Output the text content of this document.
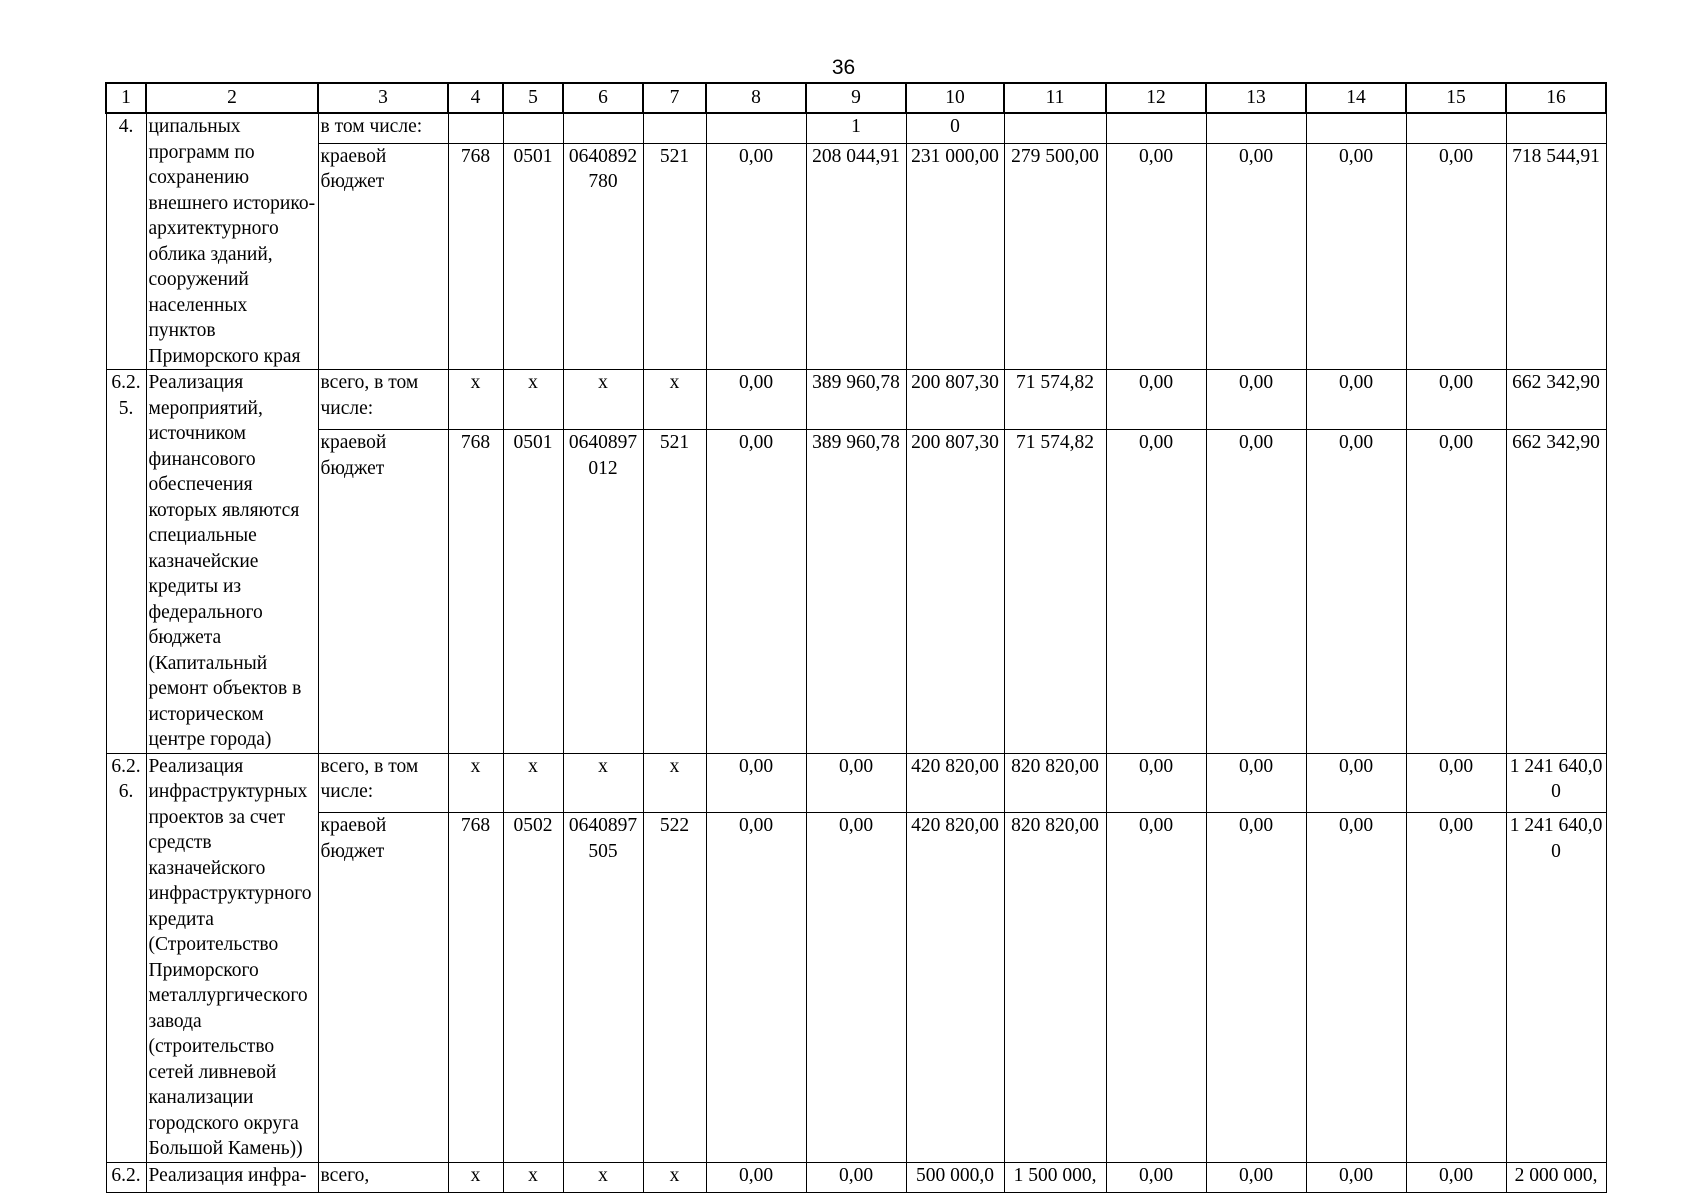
36
1	2	3	4	5	6	7	8	9	10	11	12	13	14	15	16
4.	ципальных программ по сохранению внешнего историко-архитектурного облика зданий, сооружений населенных пунктов Приморского края	в том числе:						1	0						
		краевой бюджет	768	0501	0640892780	521	0,00	208 044,91	231 000,00	279 500,00	0,00	0,00	0,00	0,00	718 544,91
6.2.5.	Реализация мероприятий, источником финансового обеспечения которых являются специальные казначейские кредиты из федерального бюджета (Капитальный ремонт объектов в историческом центре города)	всего, в том числе:	x	x	x	x	0,00	389 960,78	200 807,30	71 574,82	0,00	0,00	0,00	0,00	662 342,90
		краевой бюджет	768	0501	0640897012	521	0,00	389 960,78	200 807,30	71 574,82	0,00	0,00	0,00	0,00	662 342,90
6.2.6.	Реализация инфраструктурных проектов за счет средств казначейского инфраструктурного кредита (Строительство Приморского металлургического завода (строительство сетей ливневой канализации городского округа Большой Камень))	всего, в том числе:	x	x	x	x	0,00	0,00	420 820,00	820 820,00	0,00	0,00	0,00	0,00	1 241 640,00
		краевой бюджет	768	0502	0640897505	522	0,00	0,00	420 820,00	820 820,00	0,00	0,00	0,00	0,00	1 241 640,00
6.2.	Реализация инфра-	всего,	x	x	x	x	0,00	0,00	500 000,0	1 500 000,	0,00	0,00	0,00	0,00	2 000 000,
